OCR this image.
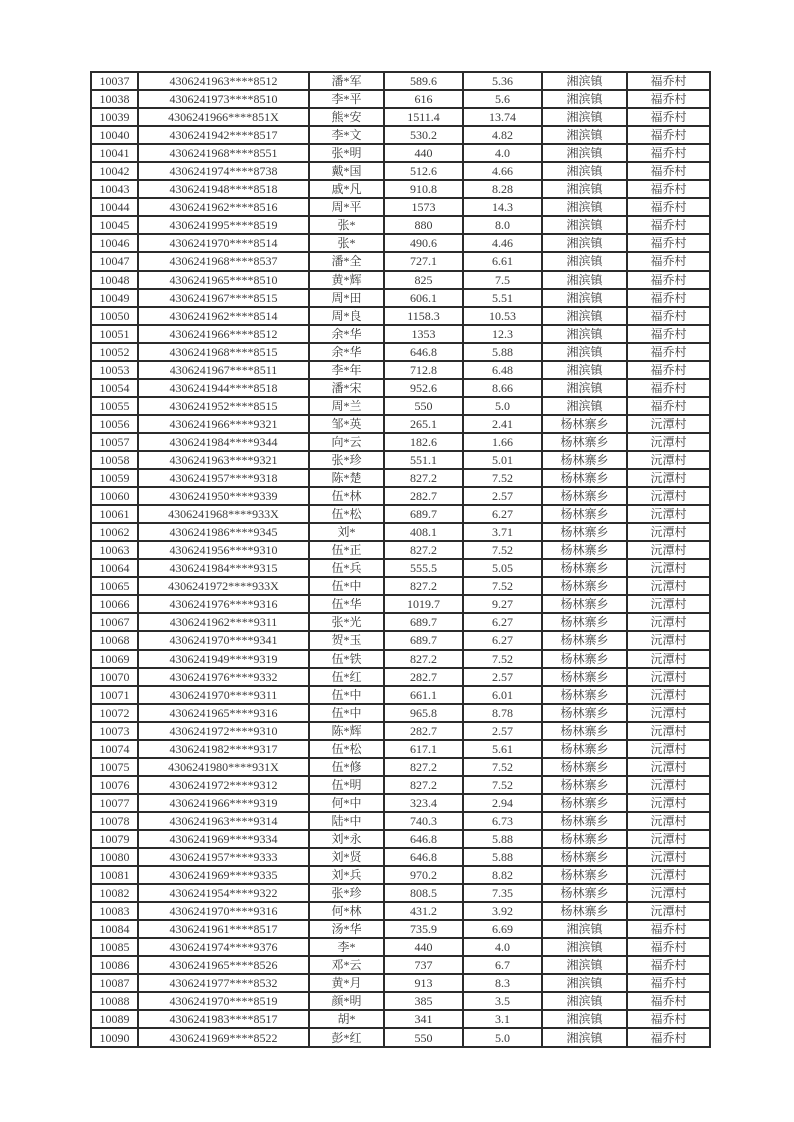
10037	4306241963****8512	潘*军	589.6	5.36	湘滨镇	福乔村
10038	4306241973****8510	李*平	616	5.6	湘滨镇	福乔村
10039	4306241966****851X	熊*安	1511.4	13.74	湘滨镇	福乔村
10040	4306241942****8517	李*文	530.2	4.82	湘滨镇	福乔村
10041	4306241968****8551	张*明	440	4.0	湘滨镇	福乔村
10042	4306241974****8738	戴*国	512.6	4.66	湘滨镇	福乔村
10043	4306241948****8518	戚*凡	910.8	8.28	湘滨镇	福乔村
10044	4306241962****8516	周*平	1573	14.3	湘滨镇	福乔村
10045	4306241995****8519	张*	880	8.0	湘滨镇	福乔村
10046	4306241970****8514	张*	490.6	4.46	湘滨镇	福乔村
10047	4306241968****8537	潘*全	727.1	6.61	湘滨镇	福乔村
10048	4306241965****8510	黄*辉	825	7.5	湘滨镇	福乔村
10049	4306241967****8515	周*田	606.1	5.51	湘滨镇	福乔村
10050	4306241962****8514	周*良	1158.3	10.53	湘滨镇	福乔村
10051	4306241966****8512	余*华	1353	12.3	湘滨镇	福乔村
10052	4306241968****8515	余*华	646.8	5.88	湘滨镇	福乔村
10053	4306241967****8511	李*年	712.8	6.48	湘滨镇	福乔村
10054	4306241944****8518	潘*宋	952.6	8.66	湘滨镇	福乔村
10055	4306241952****8515	周*兰	550	5.0	湘滨镇	福乔村
10056	4306241966****9321	邹*英	265.1	2.41	杨林寨乡	沅潭村
10057	4306241984****9344	向*云	182.6	1.66	杨林寨乡	沅潭村
10058	4306241963****9321	张*珍	551.1	5.01	杨林寨乡	沅潭村
10059	4306241957****9318	陈*楚	827.2	7.52	杨林寨乡	沅潭村
10060	4306241950****9339	伍*林	282.7	2.57	杨林寨乡	沅潭村
10061	4306241968****933X	伍*松	689.7	6.27	杨林寨乡	沅潭村
10062	4306241986****9345	刘*	408.1	3.71	杨林寨乡	沅潭村
10063	4306241956****9310	伍*正	827.2	7.52	杨林寨乡	沅潭村
10064	4306241984****9315	伍*兵	555.5	5.05	杨林寨乡	沅潭村
10065	4306241972****933X	伍*中	827.2	7.52	杨林寨乡	沅潭村
10066	4306241976****9316	伍*华	1019.7	9.27	杨林寨乡	沅潭村
10067	4306241962****9311	张*光	689.7	6.27	杨林寨乡	沅潭村
10068	4306241970****9341	贺*玉	689.7	6.27	杨林寨乡	沅潭村
10069	4306241949****9319	伍*铁	827.2	7.52	杨林寨乡	沅潭村
10070	4306241976****9332	伍*红	282.7	2.57	杨林寨乡	沅潭村
10071	4306241970****9311	伍*中	661.1	6.01	杨林寨乡	沅潭村
10072	4306241965****9316	伍*中	965.8	8.78	杨林寨乡	沅潭村
10073	4306241972****9310	陈*辉	282.7	2.57	杨林寨乡	沅潭村
10074	4306241982****9317	伍*松	617.1	5.61	杨林寨乡	沅潭村
10075	4306241980****931X	伍*修	827.2	7.52	杨林寨乡	沅潭村
10076	4306241972****9312	伍*明	827.2	7.52	杨林寨乡	沅潭村
10077	4306241966****9319	何*中	323.4	2.94	杨林寨乡	沅潭村
10078	4306241963****9314	陆*中	740.3	6.73	杨林寨乡	沅潭村
10079	4306241969****9334	刘*永	646.8	5.88	杨林寨乡	沅潭村
10080	4306241957****9333	刘*贤	646.8	5.88	杨林寨乡	沅潭村
10081	4306241969****9335	刘*兵	970.2	8.82	杨林寨乡	沅潭村
10082	4306241954****9322	张*珍	808.5	7.35	杨林寨乡	沅潭村
10083	4306241970****9316	何*林	431.2	3.92	杨林寨乡	沅潭村
10084	4306241961****8517	汤*华	735.9	6.69	湘滨镇	福乔村
10085	4306241974****9376	李*	440	4.0	湘滨镇	福乔村
10086	4306241965****8526	邓*云	737	6.7	湘滨镇	福乔村
10087	4306241977****8532	黄*月	913	8.3	湘滨镇	福乔村
10088	4306241970****8519	颜*明	385	3.5	湘滨镇	福乔村
10089	4306241983****8517	胡*	341	3.1	湘滨镇	福乔村
10090	4306241969****8522	彭*红	550	5.0	湘滨镇	福乔村
